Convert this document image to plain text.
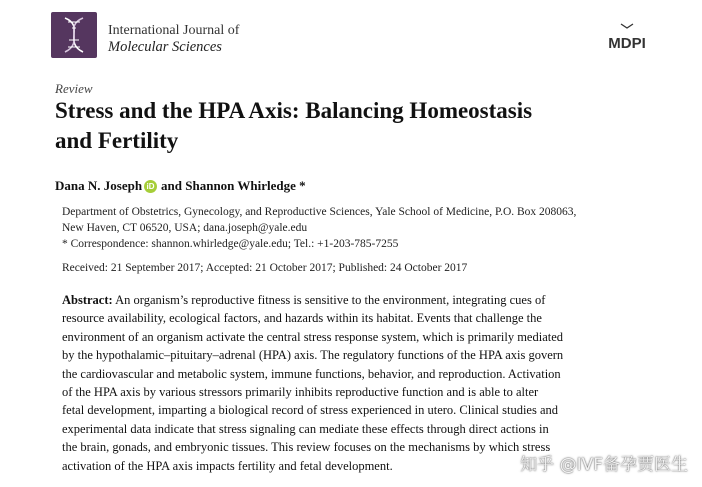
International Journal of
Molecular Sciences	MDPI
Review
Stress and the HPA Axis: Balancing Homeostasis
and Fertility
Dana N. Joseph iD and Shannon Whirledge *
Department of Obstetrics, Gynecology, and Reproductive Sciences, Yale School of Medicine, P.O. Box 208063,
New Haven, CT 06520, USA; dana.joseph@yale.edu
* Correspondence: shannon.whirledge@yale.edu; Tel.: +1-203-785-7255
Received: 21 September 2017; Accepted: 21 October 2017; Published: 24 October 2017
Abstract: An organism’s reproductive fitness is sensitive to the environment, integrating cues of
resource availability, ecological factors, and hazards within its habitat. Events that challenge the
environment of an organism activate the central stress response system, which is primarily mediated
by the hypothalamic–pituitary–adrenal (HPA) axis. The regulatory functions of the HPA axis govern
the cardiovascular and metabolic system, immune functions, behavior, and reproduction. Activation
of the HPA axis by various stressors primarily inhibits reproductive function and is able to alter
fetal development, imparting a biological record of stress experienced in utero. Clinical studies and
experimental data indicate that stress signaling can mediate these effects through direct actions in
the brain, gonads, and embryonic tissues. This review focuses on the mechanisms by which stress
activation of the HPA axis impacts fertility and fetal development.	知乎 @IVF备孕贾医生
